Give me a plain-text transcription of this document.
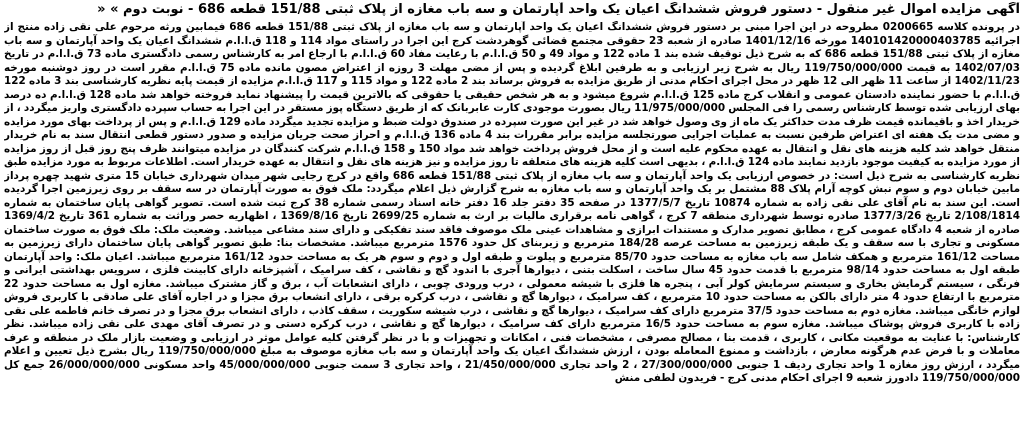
آگهی مزایده اموال غیر منقول - دستور فروش ششدانگ اعیان یک واحد آپارتمان و سه باب مغازه از پلاک ثبتی 151/88 قطعه 686 - نوبت دوم » «

در پرونده کلاسه 0200665 مطروحه در این اجرا مبنی بر دستور فروش ششدانگ اعیان یک واحد آپارتمان و سه باب مغازه از پلاک ثبتی 151/88 قطعه 686 فیمابین ورثه مرحوم علی نقی زاده منتج از اجرائیه 14010142000040378​5 مورخه 1401/12/16 صادره از شعبه 23 حقوقی مجتمع قضائی گوهردشت کرج این اجرا در راستای مواد 114 و 118 ق.ا.ا.م ششدانگ اعیان یک واحد آپارتمان و سه باب مغازه از پلاک ثبتی 151/88 قطعه 686 که به شرح ذیل توقیف شده بند 1 ماده 122 و مواد 49 و 50 ق.ا.ا.م با رعایت مفاد 60 ق.ا.ا.م با ارجاع امر به کارشناس رسمی دادگستری ماده 73 ق.ا.ا.م در تاریخ 1402/07/03 به قیمت 119/750/000/000 ریال به شرح زیر ارزیابی و به طرفین ابلاغ گردیده و پس از مضی مهلت 3 روزه از اعتراض مصون مانده ماده 75 ق.ا.ا.م مقرر است در روز دوشنبه مورخه 1402/11/23 از ساعت 11 ظهر الی 12 ظهر در محل اجرای احکام مدنی از طریق مزایده به فروش برساند بند 2 ماده 122 و مواد 115 و 117 ق.ا.ا.م مزایده از قیمت پایه نظریه کارشناسی بند 3 ماده 122 ق.ا.ا.م با حضور نماینده دادستان عمومی و انقلاب کرج ماده 125 ق.ا.ا.م شروع میشود و به هر شخص حقیقی یا حقوقی که بالاترین قیمت را پیشنهاد نماید فروخته خواهد شد ماده 128 ق.ا.ا.م ده درصد بهای ارزیابی شده توسط کارشناس رسمی را فی المجلس 11/975/000/000 ریال بصورت موجودی کارت عابربانک که از طریق دستگاه پوز مستقر در این اجرا به حساب سپرده دادگستری واریز میگردد ، از خریدار اخذ و باقیمانده قیمت ظرف مدت حداکثر یک ماه از وی وصول خواهد شد در غیر این صورت سپرده در صندوق دولت ضبط و مزایده تجدید میگردد ماده 129 ق.ا.ا.م و پس از پرداخت بهای مورد مزایده و مضی مدت یک هفته ای اعتراض طرفین نسبت به عملیات اجرایی صورتجلسه مزایده برابر مقررات بند 4 ماده 136 ق.ا.ا.م و احراز صحت جریان مزایده و صدور دستور قطعی انتقال سند به نام خریدار منتقل خواهد شد کلیه هزینه های نقل و انتقال به عهده محکوم علیه است و از محل فروش پرداخت خواهد شد مواد 150 و 158 ق.ا.ا.م شرکت کنندگان در مزایده میتوانند ظرف پنج روز قبل از روز مزایده از مورد مزایده به کیفیت موجود بازدید نمایند ماده 124 ق.ا.ا.م ، بدیهی است کلیه هزینه های متعلقه تا روز مزایده و نیز هزینه های نقل و انتقال به عهده خریدار است. اطلاعات مربوط به مورد مزایده طبق نظریه کارشناسی به شرح ذیل است: در خصوص ارزیابی یک واحد آپارتمان و سه باب مغازه از پلاک ثبتی 151/88 قطعه 686 واقع در کرج رجایی شهر میدان شهرداری خیابان 15 متری شهید چهره پرداز مابین خیابان دوم و سوم نبش کوچه آرام پلاک 88 مشتمل بر یک واحد آپارتمان و سه باب مغازه به شرح گزارش ذیل اعلام میگردد: ملک فوق به صورت آپارتمان در سه سقف بر روی زیرزمین اجرا گردیده است. این سند به نام آقای علی نقی زاده به شماره 10874 تاریخ 1377/5/7 در صفحه 35 دفتر جلد 16 دفتر خانه اسناد رسمی شماره 38 کرج ثبت شده است. تصویر گواهی پایان ساختمان به شماره 2/108/1814 تاریخ 1377/3/26 صادره توسط شهرداری منطقه 7 کرج ، گواهی نامه برقراری مالیات بر ارث به شماره 2699/25 تاریخ 1369/8/16 ، اظهاریه حصر وراثت به شماره 361 تاریخ 1369/4/2 صادره از شعبه 4 دادگاه عمومی کرج ، مطابق تصویر مدارک و مستندات ابرازی و مشاهدات عینی ملک موصوف فاقد سند تفکیکی و دارای سند مشاعی میباشد. وضعیت ملک: ملک فوق به صورت ساختمان مسکونی و تجاری با سه سقف و یک طبقه زیرزمین به مساحت عرصه 184/28 مترمربع و زیربنای کل حدود 1576 مترمربع میباشد. مشخصات بنا: طبق تصویر گواهی پایان ساختمان دارای زیرزمین به مساحت 161/12 مترمربع و همکف شامل سه باب مغازه به مساحت حدود 85/70 مترمربع و پیلوت و طبقه اول و دوم و سوم هر یک به مساحت حدود 161/12 مترمربع میباشد. اعیان ملک: واحد آپارتمان طبقه اول به مساحت حدود 98/14 مترمربع با قدمت حدود 45 سال ساخت ، اسکلت بتنی ، دیوارها آجری با اندود گچ و نقاشی ، کف سرامیک ، آشپزخانه دارای کابینت فلزی ، سرویس بهداشتی ایرانی و فرنگی ، سیستم گرمایش بخاری و سیستم سرمایش کولر آبی ، پنجره ها فلزی با شیشه معمولی ، درب ورودی چوبی ، دارای انشعابات آب ، برق و گاز مشترک میباشد. مغازه اول به مساحت حدود 22 مترمربع با ارتفاع حدود 4 متر دارای بالکن به مساحت حدود 10 مترمربع ، کف سرامیک ، دیوارها گچ و نقاشی ، درب کرکره برقی ، دارای انشعاب برق مجزا و در اجاره آقای علی صادقی با کاربری فروش لوازم خانگی میباشد. مغازه دوم به مساحت حدود 37/5 مترمربع دارای کف سرامیک ، دیوارها گچ و نقاشی ، درب شیشه سکوریت ، سقف کاذب ، دارای انشعاب برق مجزا و در تصرف خانم فاطمه علی نقی زاده با کاربری فروش پوشاک میباشد. مغازه سوم به مساحت حدود 16/5 مترمربع دارای کف سرامیک ، دیوارها گچ و نقاشی ، درب کرکره دستی و در تصرف آقای مهدی علی نقی زاده میباشد. نظر کارشناس: با عنایت به موقعیت مکانی ، کاربری ، قدمت بنا ، مصالح مصرفی ، مشخصات فنی ، امکانات و تجهیزات و با در نظر گرفتن کلیه عوامل موثر در ارزیابی و وضعیت بازار ملک در منطقه و عرف معاملات و با فرض عدم هرگونه معارض ، بازداشت و ممنوع المعامله بودن ، ارزش ششدانگ اعیان یک واحد آپارتمان و سه باب مغازه موصوف به مبلغ 119/750/000/000 ریال بشرح ذیل تعیین و اعلام میگردد ، ارزش روز مغازه 1 واحد تجاری ردیف 1 جنوبی 27/300/000/000 ، 2 واحد تجاری 21/450/000/000 ، واحد تجاری 3 سمت جنوبی 45/000/000/000 واحد مسکونی 26/000/000/000 جمع کل 119/750/000/000 دادورز شعبه 9 اجرای احکام مدنی کرج - فریدون لطفی منش
